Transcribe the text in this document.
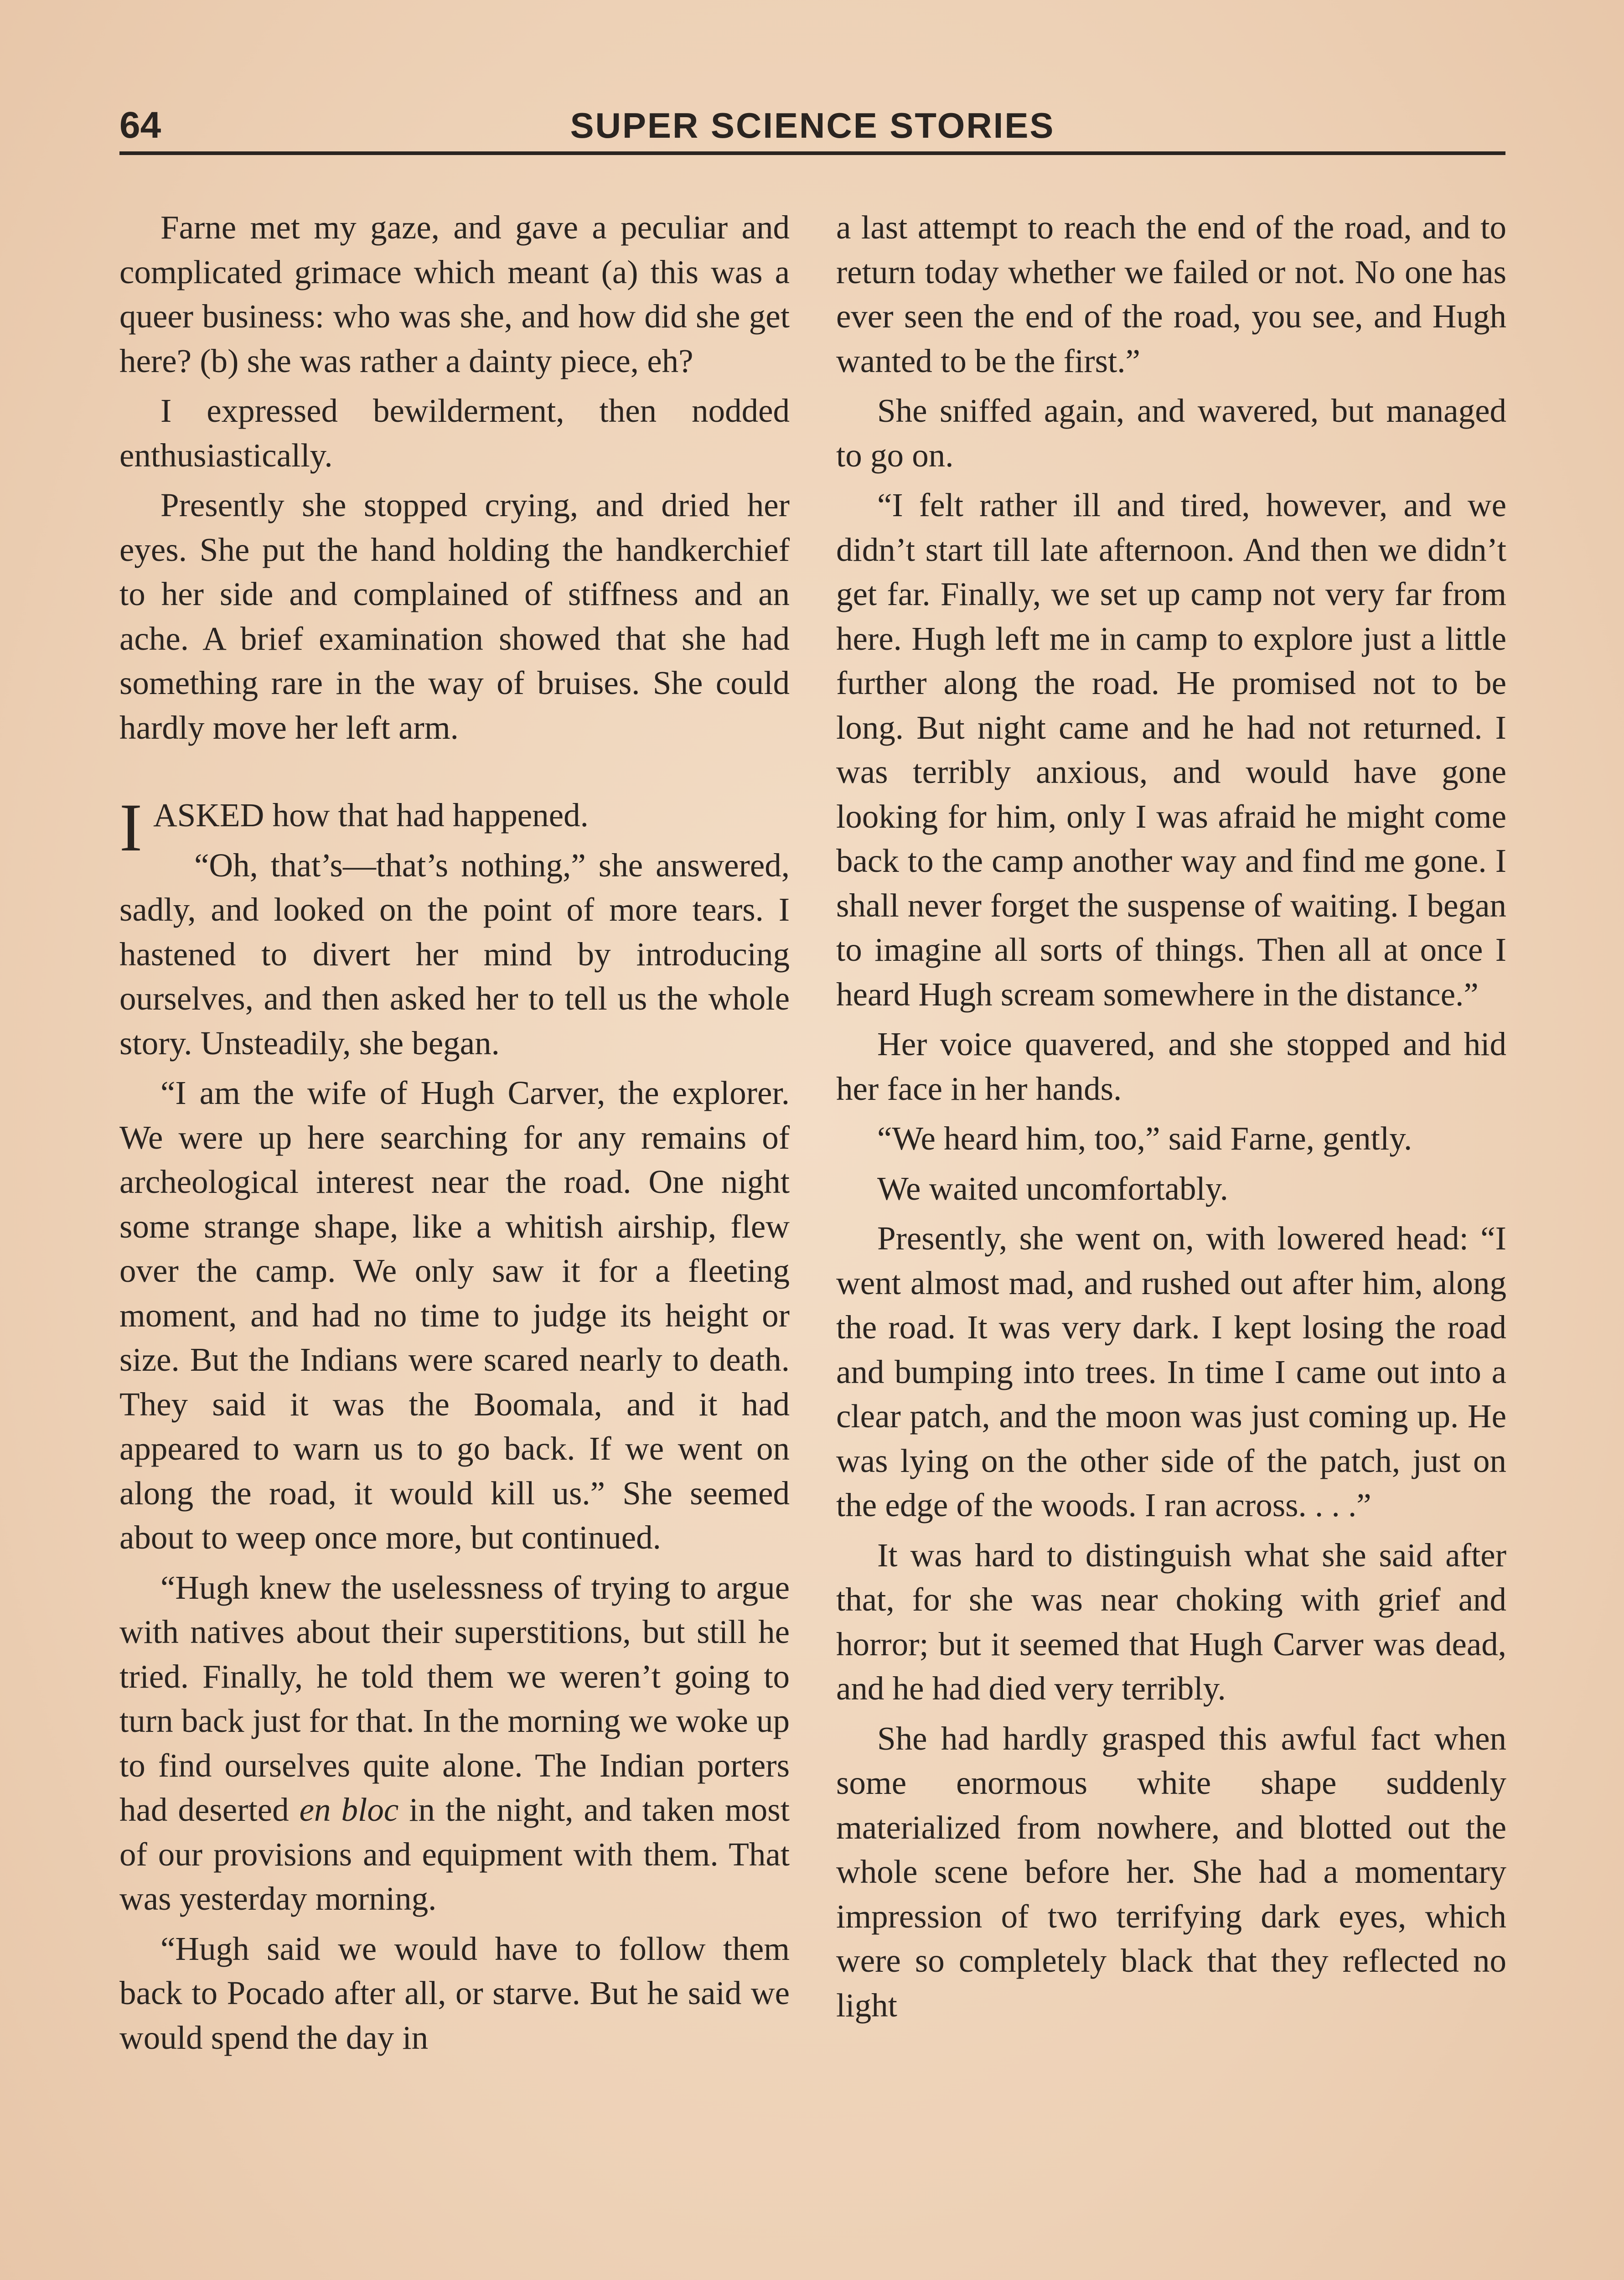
64	SUPER SCIENCE STORIES

Farne met my gaze, and gave a peculiar and complicated grimace which meant (a) this was a queer business: who was she, and how did she get here? (b) she was rather a dainty piece, eh?

I expressed bewilderment, then nodded enthusiastically.

Presently she stopped crying, and dried her eyes. She put the hand holding the handkerchief to her side and complained of stiffness and an ache. A brief examination showed that she had something rare in the way of bruises. She could hardly move her left arm.

IASKED how that had happened.

“Oh, that’s—that’s nothing,” she answered, sadly, and looked on the point of more tears. I hastened to divert her mind by introducing ourselves, and then asked her to tell us the whole story. Unsteadily, she began.

“I am the wife of Hugh Carver, the explorer. We were up here searching for any remains of archeological interest near the road. One night some strange shape, like a whitish airship, flew over the camp. We only saw it for a fleeting moment, and had no time to judge its height or size. But the Indians were scared nearly to death. They said it was the Boomala, and it had appeared to warn us to go back. If we went on along the road, it would kill us.” She seemed about to weep once more, but continued.

“Hugh knew the uselessness of trying to argue with natives about their superstitions, but still he tried. Finally, he told them we weren’t going to turn back just for that. In the morning we woke up to find ourselves quite alone. The Indian porters had deserted en bloc in the night, and taken most of our provisions and equipment with them. That was yesterday morning.

“Hugh said we would have to follow them back to Pocado after all, or starve. But he said we would spend the day in

a last attempt to reach the end of the road, and to return today whether we failed or not. No one has ever seen the end of the road, you see, and Hugh wanted to be the first.”

She sniffed again, and wavered, but managed to go on.

“I felt rather ill and tired, however, and we didn’t start till late afternoon. And then we didn’t get far. Finally, we set up camp not very far from here. Hugh left me in camp to explore just a little further along the road. He promised not to be long. But night came and he had not returned. I was terribly anxious, and would have gone looking for him, only I was afraid he might come back to the camp another way and find me gone. I shall never forget the suspense of waiting. I began to imagine all sorts of things. Then all at once I heard Hugh scream somewhere in the distance.”

Her voice quavered, and she stopped and hid her face in her hands.

“We heard him, too,” said Farne, gently.

We waited uncomfortably.

Presently, she went on, with lowered head: “I went almost mad, and rushed out after him, along the road. It was very dark. I kept losing the road and bumping into trees. In time I came out into a clear patch, and the moon was just coming up. He was lying on the other side of the patch, just on the edge of the woods. I ran across. . . .”

It was hard to distinguish what she said after that, for she was near choking with grief and horror; but it seemed that Hugh Carver was dead, and he had died very terribly.

She had hardly grasped this awful fact when some enormous white shape suddenly materialized from nowhere, and blotted out the whole scene before her. She had a momentary impression of two terrifying dark eyes, which were so completely black that they reflected no light
